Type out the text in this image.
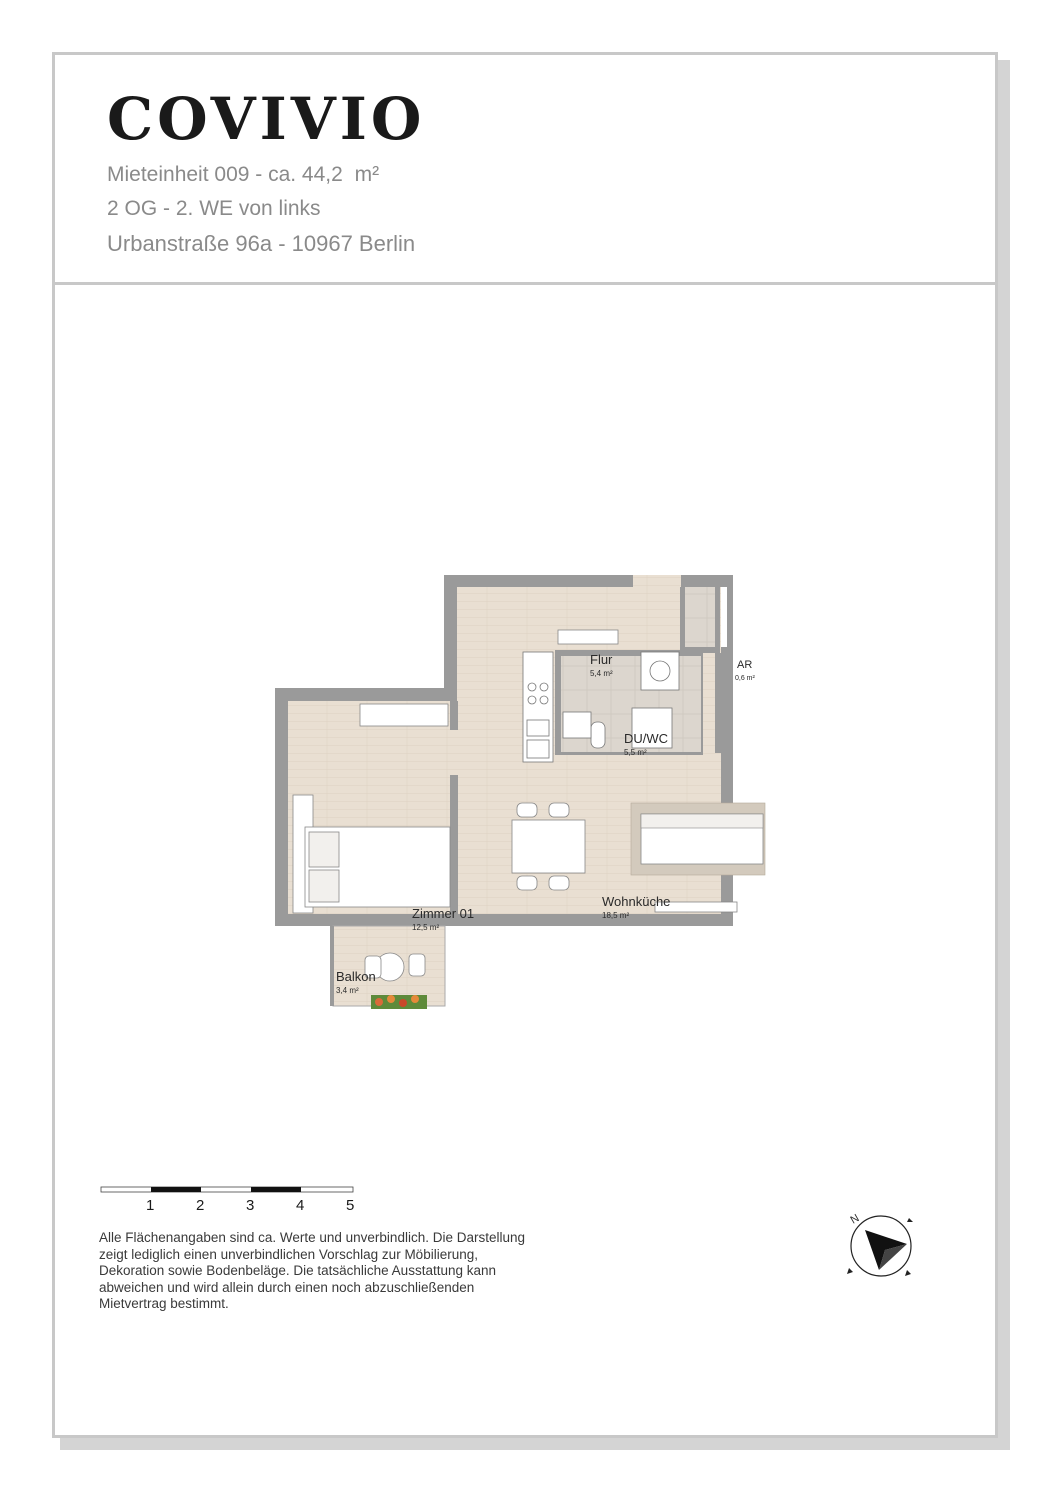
COVIVIO
Mieteinheit 009 - ca. 44,2 m²
2 OG - 2. WE von links
Urbanstraße 96a - 10967 Berlin
Flur
5,4 m²
AR
0,6 m²
DU/WC
5,5 m²
Zimmer 01
12,5 m²
Wohnküche
18,5 m²
Balkon
3,4 m²
1	2	3	4	5
Alle Flächenangaben sind ca. Werte und unverbindlich. Die Darstellung
zeigt lediglich einen unverbindlichen Vorschlag zur Möbilierung,
Dekoration sowie Bodenbeläge. Die tatsächliche Ausstattung kann
abweichen und wird allein durch einen noch abzuschließenden
Mietvertrag bestimmt.
N
